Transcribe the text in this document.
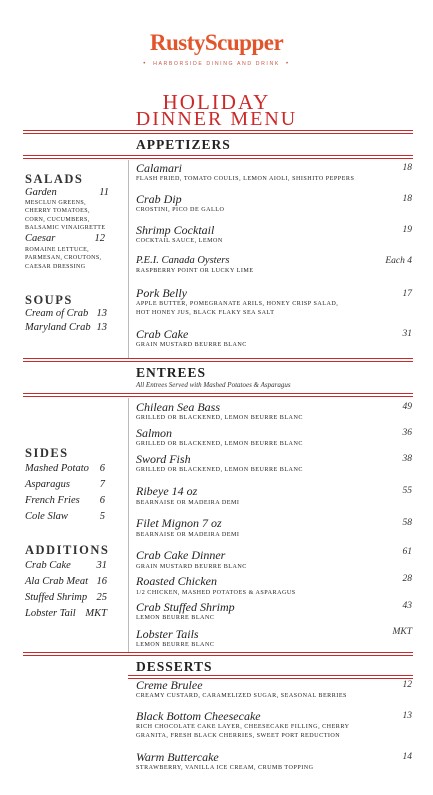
RustyScupper
• HARBORSIDE DINING AND DRINK •
HOLIDAY
DINNER MENU
APPETIZERS
SALADS
Garden	11
MESCLUN GREENS,
CHERRY TOMATOES,
CORN, CUCUMBERS,
BALSAMIC VINAIGRETTE
Caesar	12
ROMAINE LETTUCE,
PARMESAN, CROUTONS,
CAESAR DRESSING
SOUPS
Cream of Crab 13
Maryland Crab 13
Calamari	18
FLASH FRIED, TOMATO COULIS, LEMON AIOLI, SHISHITO PEPPERS
Crab Dip	18
CROSTINI, PICO DE GALLO
Shrimp Cocktail	19
COCKTAIL SAUCE, LEMON
P.E.I. Canada Oysters	Each 4
RASPBERRY POINT OR LUCKY LIME
Pork Belly	17
APPLE BUTTER, POMEGRANATE ARILS, HONEY CRISP SALAD,
HOT HONEY JUS, BLACK FLAKY SEA SALT
Crab Cake	31
GRAIN MUSTARD BEURRE BLANC
ENTREES
All Entrees Served with Mashed Potatoes & Asparagus
Chilean Sea Bass	49
GRILLED OR BLACKENED, LEMON BEURRE BLANC
Salmon	36
GRILLED OR BLACKENED, LEMON BEURRE BLANC
Sword Fish	38
GRILLED OR BLACKENED, LEMON BEURRE BLANC
Ribeye 14 oz	55
BEARNAISE OR MADEIRA DEMI
Filet Mignon 7 oz	58
BEARNAISE OR MADEIRA DEMI
Crab Cake Dinner	61
GRAIN MUSTARD BEURRE BLANC
Roasted Chicken	28
1/2 CHICKEN, MASHED POTATOES & ASPARAGUS
Crab Stuffed Shrimp	43
LEMON BEURRE BLANC
Lobster Tails	MKT
LEMON BEURRE BLANC
SIDES
Mashed Potato	6
Asparagus	7
French Fries	6
Cole Slaw	5
ADDITIONS
Crab Cake	31
Ala Crab Meat 16
Stuffed Shrimp 25
Lobster Tail MKT
DESSERTS
Creme Brulee	12
CREAMY CUSTARD, CARAMELIZED SUGAR, SEASONAL BERRIES
Black Bottom Cheesecake	13
RICH CHOCOLATE CAKE LAYER, CHEESECAKE FILLING, CHERRY
GRANITA, FRESH BLACK CHERRIES, SWEET PORT REDUCTION
Warm Buttercake	14
STRAWBERRY, VANILLA ICE CREAM, CRUMB TOPPING
